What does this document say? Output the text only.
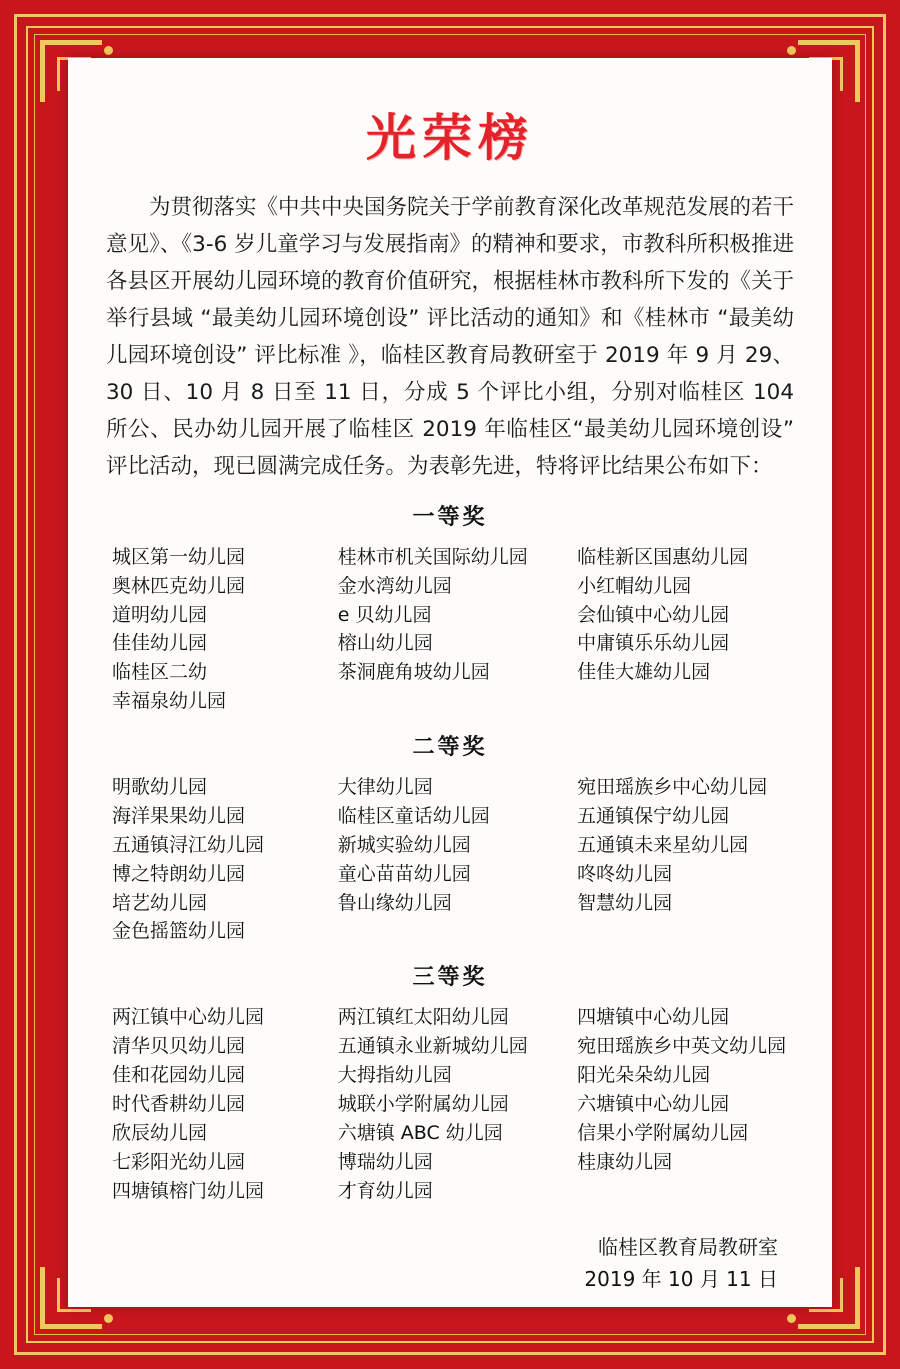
光荣榜
为贯彻落实《中共中央国务院关于学前教育深化改革规范发展的若干意见》、《3-6 岁儿童学习与发展指南》的精神和要求，市教科所积极推进各县区开展幼儿园环境的教育价值研究，根据桂林市教科所下发的《关于举行县域 “最美幼儿园环境创设” 评比活动的通知》和《桂林市 “最美幼儿园环境创设” 评比标准 》，临桂区教育局教研室于 2019 年 9 月 29、30 日、10 月 8 日至 11 日，分成 5 个评比小组，分别对临桂区 104 所公、民办幼儿园开展了临桂区 2019 年临桂区“最美幼儿园环境创设” 评比活动，现已圆满完成任务。为表彰先进，特将评比结果公布如下：
一等奖
城区第一幼儿园
奥林匹克幼儿园
道明幼儿园
佳佳幼儿园
临桂区二幼
幸福泉幼儿园
桂林市机关国际幼儿园
金水湾幼儿园
e 贝幼儿园
榕山幼儿园
茶洞鹿角坡幼儿园
临桂新区国惠幼儿园
小红帽幼儿园
会仙镇中心幼儿园
中庸镇乐乐幼儿园
佳佳大雄幼儿园
二等奖
明歌幼儿园
海洋果果幼儿园
五通镇浔江幼儿园
博之特朗幼儿园
培艺幼儿园
金色摇篮幼儿园
大律幼儿园
临桂区童话幼儿园
新城实验幼儿园
童心苗苗幼儿园
鲁山缘幼儿园
宛田瑶族乡中心幼儿园
五通镇保宁幼儿园
五通镇未来星幼儿园
咚咚幼儿园
智慧幼儿园
三等奖
两江镇中心幼儿园
清华贝贝幼儿园
佳和花园幼儿园
时代香耕幼儿园
欣辰幼儿园
七彩阳光幼儿园
四塘镇榕门幼儿园
两江镇红太阳幼儿园
五通镇永业新城幼儿园
大拇指幼儿园
城联小学附属幼儿园
六塘镇 ABC 幼儿园
博瑞幼儿园
才育幼儿园
四塘镇中心幼儿园
宛田瑶族乡中英文幼儿园
阳光朵朵幼儿园
六塘镇中心幼儿园
信果小学附属幼儿园
桂康幼儿园
临桂区教育局教研室
2019 年 10 月 11 日
